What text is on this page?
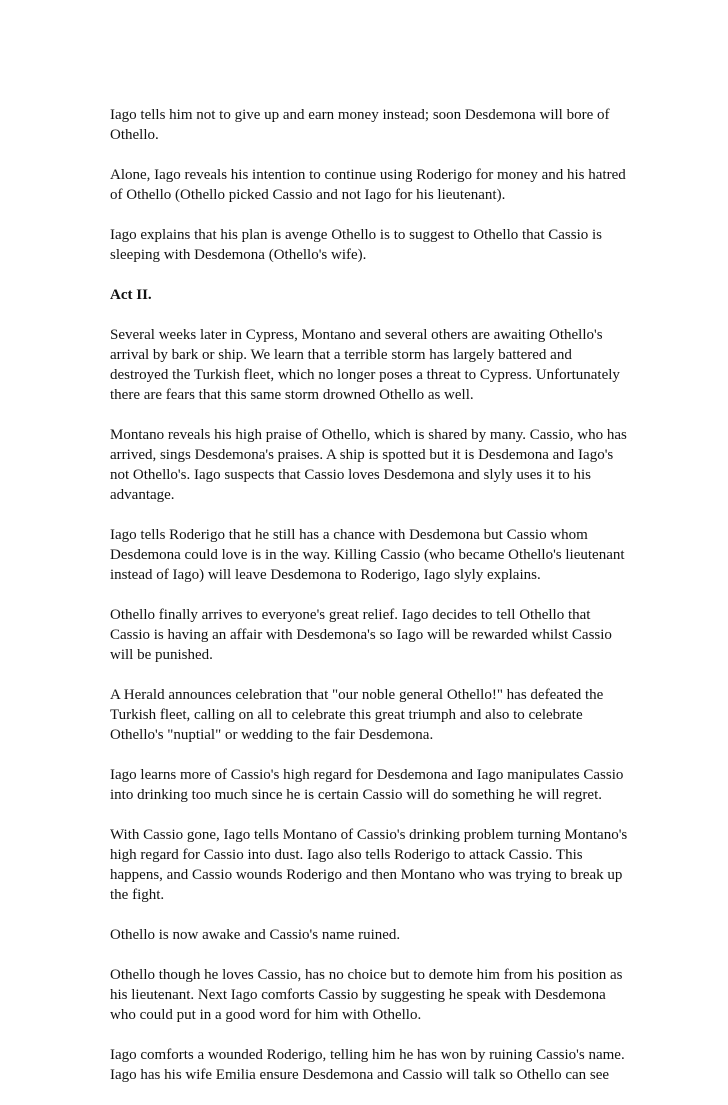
Iago tells him not to give up and earn money instead; soon Desdemona will bore of Othello.

Alone, Iago reveals his intention to continue using Roderigo for money and his hatred of Othello (Othello picked Cassio and not Iago for his lieutenant).

Iago explains that his plan is avenge Othello is to suggest to Othello that Cassio is sleeping with Desdemona (Othello's wife).

Act II.

Several weeks later in Cypress, Montano and several others are awaiting Othello's arrival by bark or ship. We learn that a terrible storm has largely battered and destroyed the Turkish fleet, which no longer poses a threat to Cypress. Unfortunately there are fears that this same storm drowned Othello as well.

Montano reveals his high praise of Othello, which is shared by many. Cassio, who has arrived, sings Desdemona's praises. A ship is spotted but it is Desdemona and Iago's not Othello's. Iago suspects that Cassio loves Desdemona and slyly uses it to his advantage.

Iago tells Roderigo that he still has a chance with Desdemona but Cassio whom Desdemona could love is in the way. Killing Cassio (who became Othello's lieutenant instead of Iago) will leave Desdemona to Roderigo, Iago slyly explains.

Othello finally arrives to everyone's great relief. Iago decides to tell Othello that Cassio is having an affair with Desdemona's so Iago will be rewarded whilst Cassio will be punished.

A Herald announces celebration that "our noble general Othello!" has defeated the Turkish fleet, calling on all to celebrate this great triumph and also to celebrate Othello's "nuptial" or wedding to the fair Desdemona.

Iago learns more of Cassio's high regard for Desdemona and Iago manipulates Cassio into drinking too much since he is certain Cassio will do something he will regret.

With Cassio gone, Iago tells Montano of Cassio's drinking problem turning Montano's high regard for Cassio into dust. Iago also tells Roderigo to attack Cassio. This happens, and Cassio wounds Roderigo and then Montano who was trying to break up the fight.

Othello is now awake and Cassio's name ruined.

Othello though he loves Cassio, has no choice but to demote him from his position as his lieutenant. Next Iago comforts Cassio by suggesting he speak with Desdemona who could put in a good word for him with Othello.

Iago comforts a wounded Roderigo, telling him he has won by ruining Cassio's name. Iago has his wife Emilia ensure Desdemona and Cassio will talk so Othello can see
